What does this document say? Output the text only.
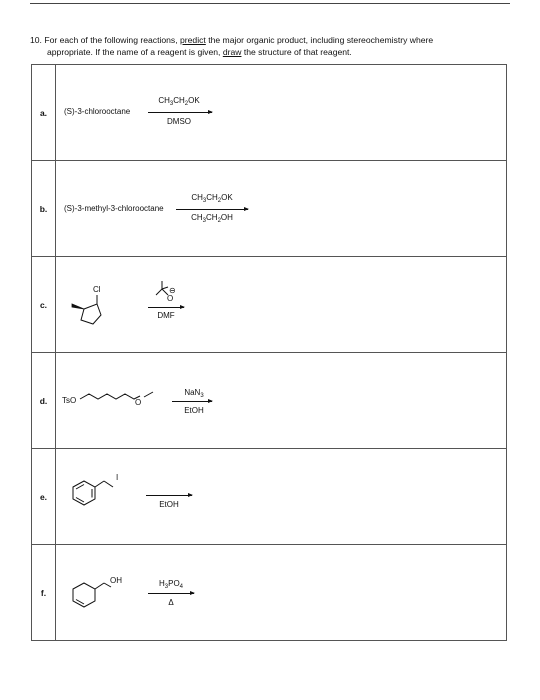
10. For each of the following reactions, predict the major organic product, including stereochemistry where
appropriate. If the name of a reagent is given, draw the structure of that reagent.
a.	(S)-3-chlorooctane
$CH_3CH_2OK$
DMSO

b.	(S)-3-methyl-3-chlorooctane
$CH_3CH_2OK$
$CH_3CH_2OH$

c.	Cl
O
⊖
DMF

d.	TsO O
NaN$_3$
EtOH

e.	I
EtOH

f.	OH $H_3PO_4$
Δ
